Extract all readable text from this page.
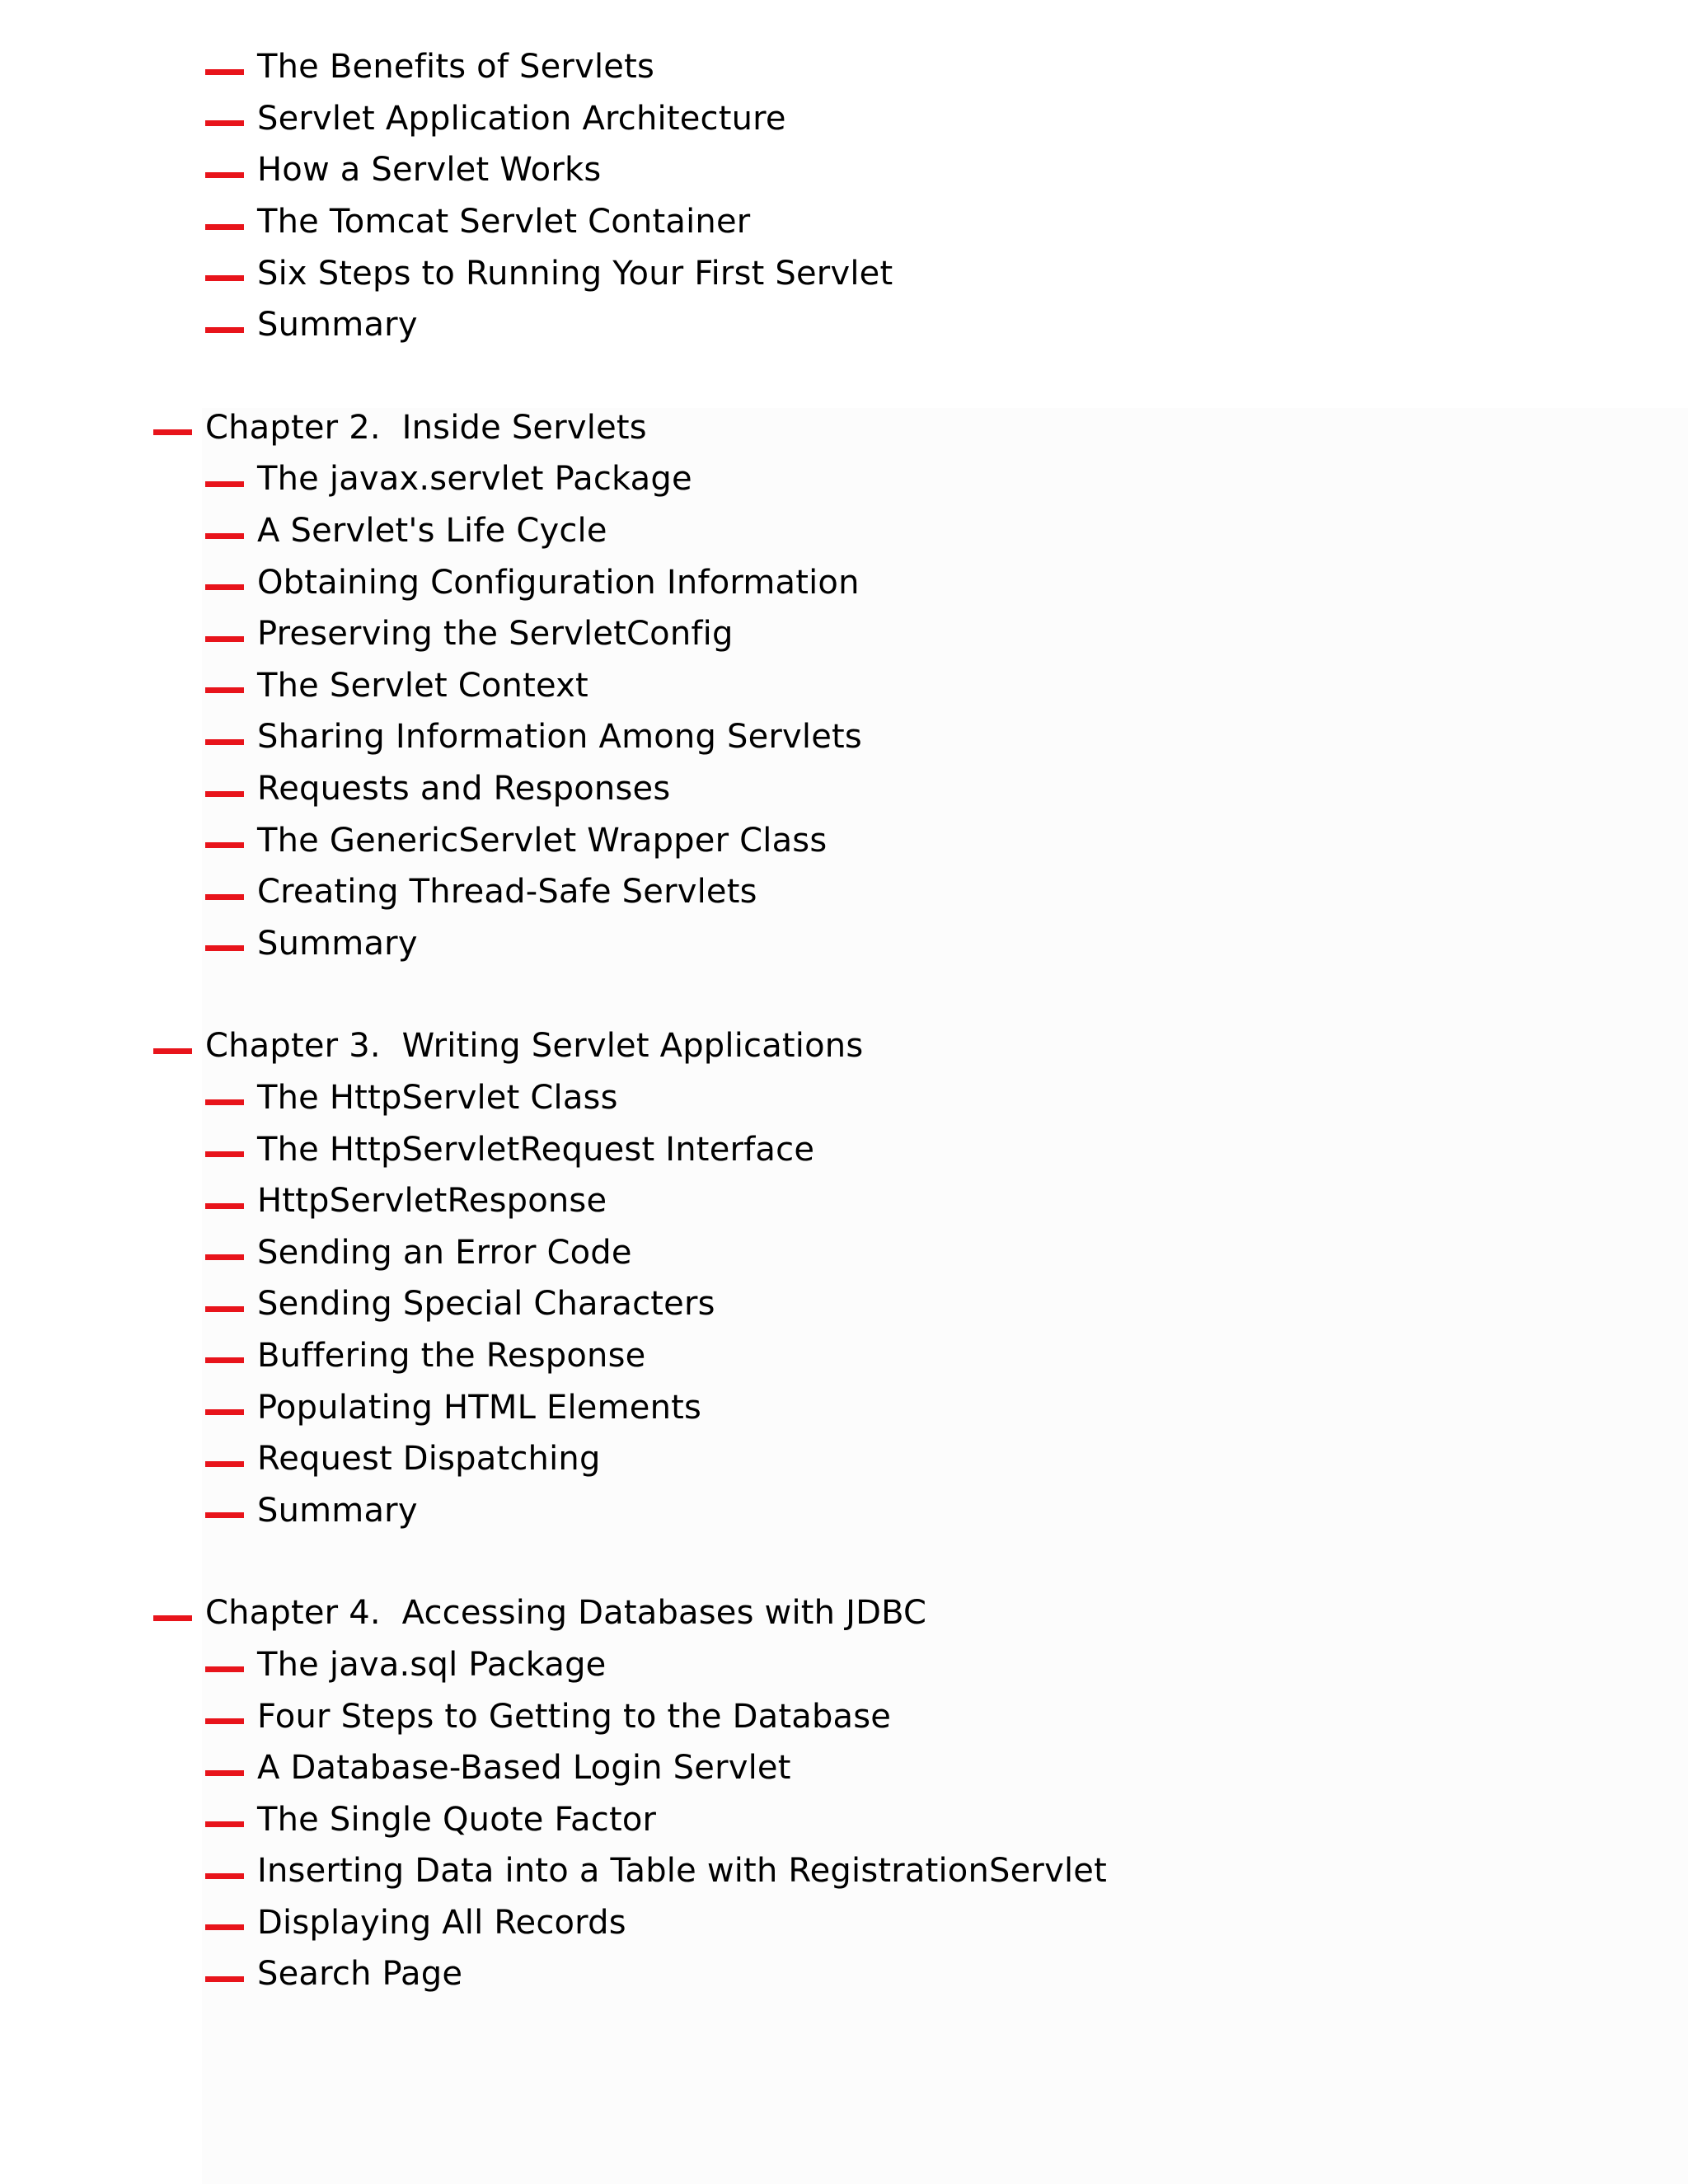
The Benefits of Servlets
Servlet Application Architecture
How a Servlet Works
The Tomcat Servlet Container
Six Steps to Running Your First Servlet
Summary
Chapter 2.  Inside Servlets
The javax.servlet Package
A Servlet's Life Cycle
Obtaining Configuration Information
Preserving the ServletConfig
The Servlet Context
Sharing Information Among Servlets
Requests and Responses
The GenericServlet Wrapper Class
Creating Thread-Safe Servlets
Summary
Chapter 3.  Writing Servlet Applications
The HttpServlet Class
The HttpServletRequest Interface
HttpServletResponse
Sending an Error Code
Sending Special Characters
Buffering the Response
Populating HTML Elements
Request Dispatching
Summary
Chapter 4.  Accessing Databases with JDBC
The java.sql Package
Four Steps to Getting to the Database
A Database-Based Login Servlet
The Single Quote Factor
Inserting Data into a Table with RegistrationServlet
Displaying All Records
Search Page
